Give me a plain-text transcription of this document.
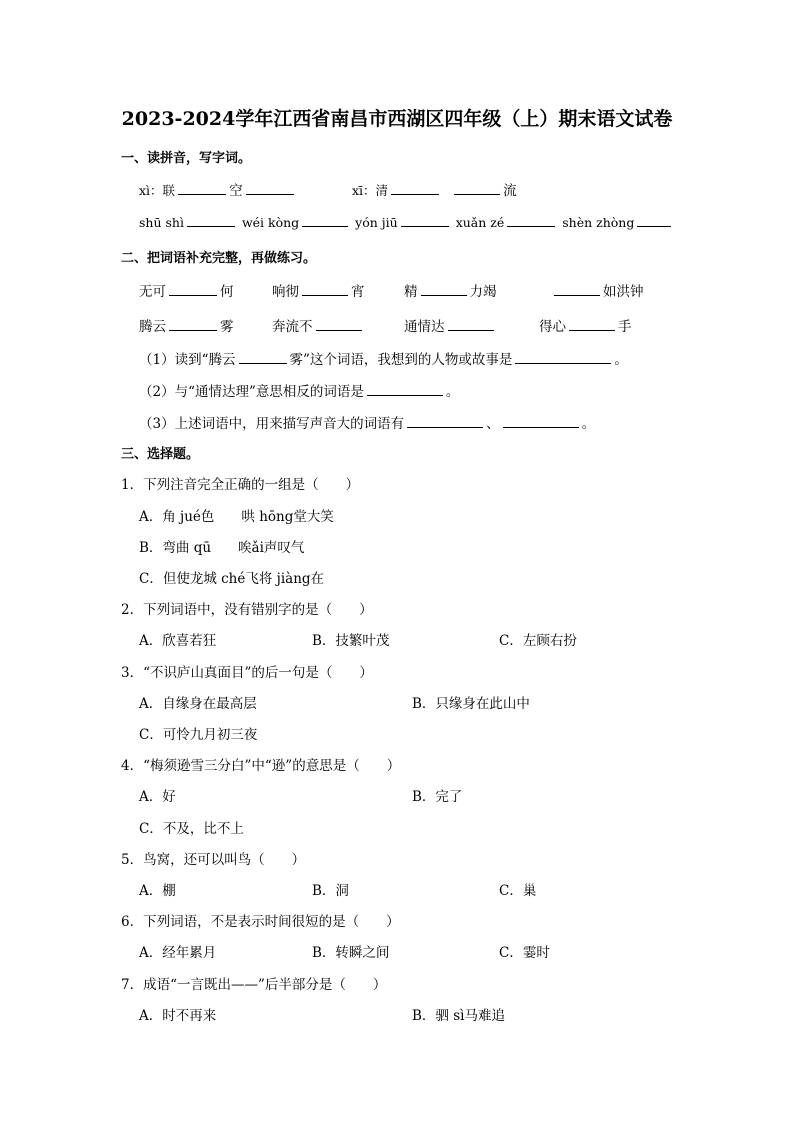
2023-2024学年江西省南昌市西湖区四年级（上）期末语文试卷
一、读拼音，写字词。
xì：联	空	xī：清	流
shū shì	wéi kòng	yón jiū	xuǎn zé	shèn zhòng
二、把词语补充完整，再做练习。
无可	何	响彻	宵	精	力竭	如洪钟
腾云	雾	奔流不	通情达	得心	手
（1）读到“腾云	雾”这个词语，我想到的人物或故事是	。
（2）与“通情达理”意思相反的词语是	。
（3）上述词语中，用来描写声音大的词语有	、	。
三、选择题。
1．下列注音完全正确的一组是（　　）
A．角 jué色　　哄 hōng堂大笑
B．弯曲 qū　　唉ǎi声叹气
C．但使龙城 ché飞将 jiàng在
2．下列词语中，没有错别字的是（　　）
A．欣喜若狂	B．技繁叶茂	C．左顾右扮
3．“不识庐山真面目”的后一句是（　　）
A．自缘身在最高层	B．只缘身在此山中
C．可怜九月初三夜
4．“梅须逊雪三分白”中“逊”的意思是（　　）
A．好	B．完了
C．不及，比不上
5．鸟窝，还可以叫鸟（　　）
A．棚	B．洞	C．巢
6．下列词语，不是表示时间很短的是（　　）
A．经年累月	B．转瞬之间	C．霎时
7．成语“一言既出——”后半部分是（　　）
A．时不再来	B．驷 sì马难追
